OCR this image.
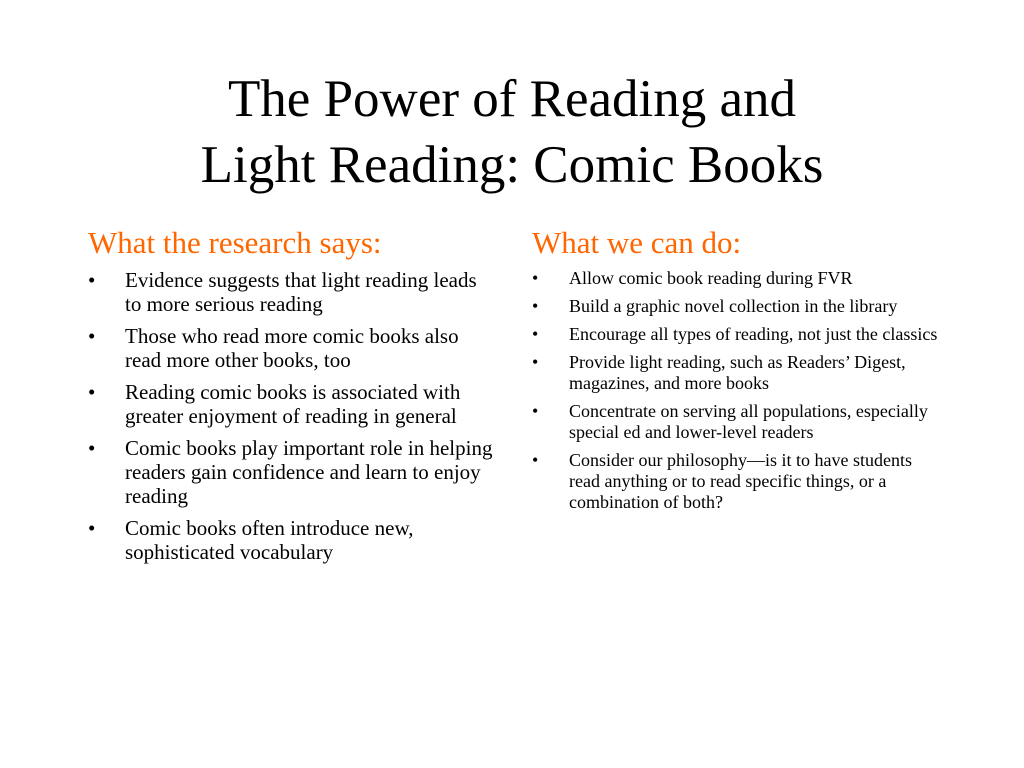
The Power of Reading and
Light Reading: Comic Books
What the research says:
• Evidence suggests that light reading leads to more serious reading
• Those who read more comic books also read more other books, too
• Reading comic books is associated with greater enjoyment of reading in general
• Comic books play important role in helping readers gain confidence and learn to enjoy reading
• Comic books often introduce new, sophisticated vocabulary
What we can do:
• Allow comic book reading during FVR
• Build a graphic novel collection in the library
• Encourage all types of reading, not just the classics
• Provide light reading, such as Readers’ Digest, magazines, and more books
• Concentrate on serving all populations, especially special ed and lower-level readers
• Consider our philosophy—is it to have students read anything or to read specific things, or a combination of both?
